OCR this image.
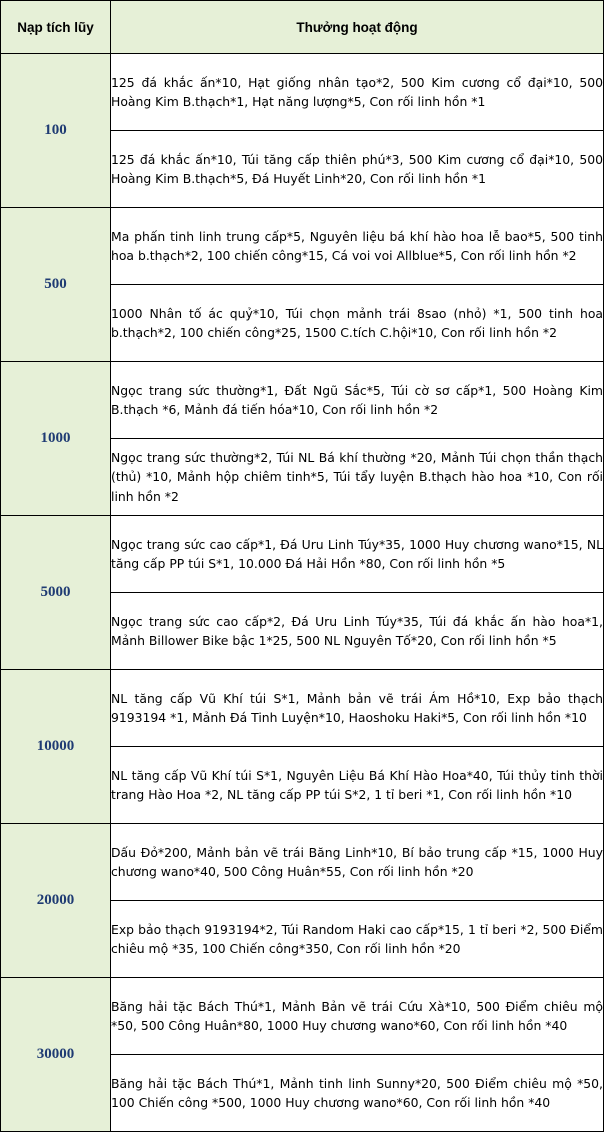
Nạp tích lũy	Thưởng hoạt động
100	125 đá khắc ấn*10, Hạt giống nhân tạo*2, 500 Kim cương cổ đại*10, 500 Hoàng Kim B.thạch*1, Hạt năng lượng*5, Con rối linh hồn *1

	125 đá khắc ấn*10, Túi tăng cấp thiên phú*3, 500 Kim cương cổ đại*10, 500 Hoàng Kim B.thạch*5, Đá Huyết Linh*20, Con rối linh hồn *1

500	Ma phấn tinh linh trung cấp*5, Nguyên liệu bá khí hào hoa lễ bao*5, 500 tinh hoa b.thạch*2, 100 chiến công*15, Cá voi voi Allblue*5, Con rối linh hồn *2

	1000 Nhân tố ác quỷ*10, Túi chọn mảnh trái 8sao (nhỏ) *1, 500 tinh hoa b.thạch*2, 100 chiến công*25, 1500 C.tích C.hội*10, Con rối linh hồn *2

1000	Ngọc trang sức thường*1, Đất Ngũ Sắc*5, Túi cờ sơ cấp*1, 500 Hoàng Kim B.thạch *6, Mảnh đá tiến hóa*10, Con rối linh hồn *2

	Ngọc trang sức thường*2, Túi NL Bá khí thường *20, Mảnh Túi chọn thần thạch (thủ) *10, Mảnh hộp chiêm tinh*5, Túi tẩy luyện B.thạch hào hoa *10, Con rối linh hồn *2

5000	Ngọc trang sức cao cấp*1, Đá Uru Linh Túy*35, 1000 Huy chương wano*15, NL tăng cấp PP túi S*1, 10.000 Đá Hải Hồn *80, Con rối linh hồn *5

	Ngọc trang sức cao cấp*2, Đá Uru Linh Túy*35, Túi đá khắc ấn hào hoa*1, Mảnh Billower Bike bậc 1*25, 500 NL Nguyên Tố*20, Con rối linh hồn *5

10000	NL tăng cấp Vũ Khí túi S*1, Mảnh bản vẽ trái Ám Hồ*10, Exp bảo thạch 9193194 *1, Mảnh Đá Tinh Luyện*10, Haoshoku Haki*5, Con rối linh hồn *10

	NL tăng cấp Vũ Khí túi S*1, Nguyên Liệu Bá Khí Hào Hoa*40, Túi thủy tinh thời trang Hào Hoa *2, NL tăng cấp PP túi S*2, 1 tỉ beri *1, Con rối linh hồn *10

20000	Dấu Đỏ*200, Mảnh bản vẽ trái Băng Linh*10, Bí bảo trung cấp *15, 1000 Huy chương wano*40, 500 Công Huân*55, Con rối linh hồn *20

	Exp bảo thạch 9193194*2, Túi Random Haki cao cấp*15, 1 tỉ beri *2, 500 Điểm chiêu mộ *35, 100 Chiến công*350, Con rối linh hồn *20

30000	Băng hải tặc Bách Thú*1, Mảnh Bản vẽ trái Cứu Xà*10, 500 Điểm chiêu mộ *50, 500 Công Huân*80, 1000 Huy chương wano*60, Con rối linh hồn *40

	Băng hải tặc Bách Thú*1, Mảnh tinh linh Sunny*20, 500 Điểm chiêu mộ *50, 100 Chiến công *500, 1000 Huy chương wano*60, Con rối linh hồn *40
